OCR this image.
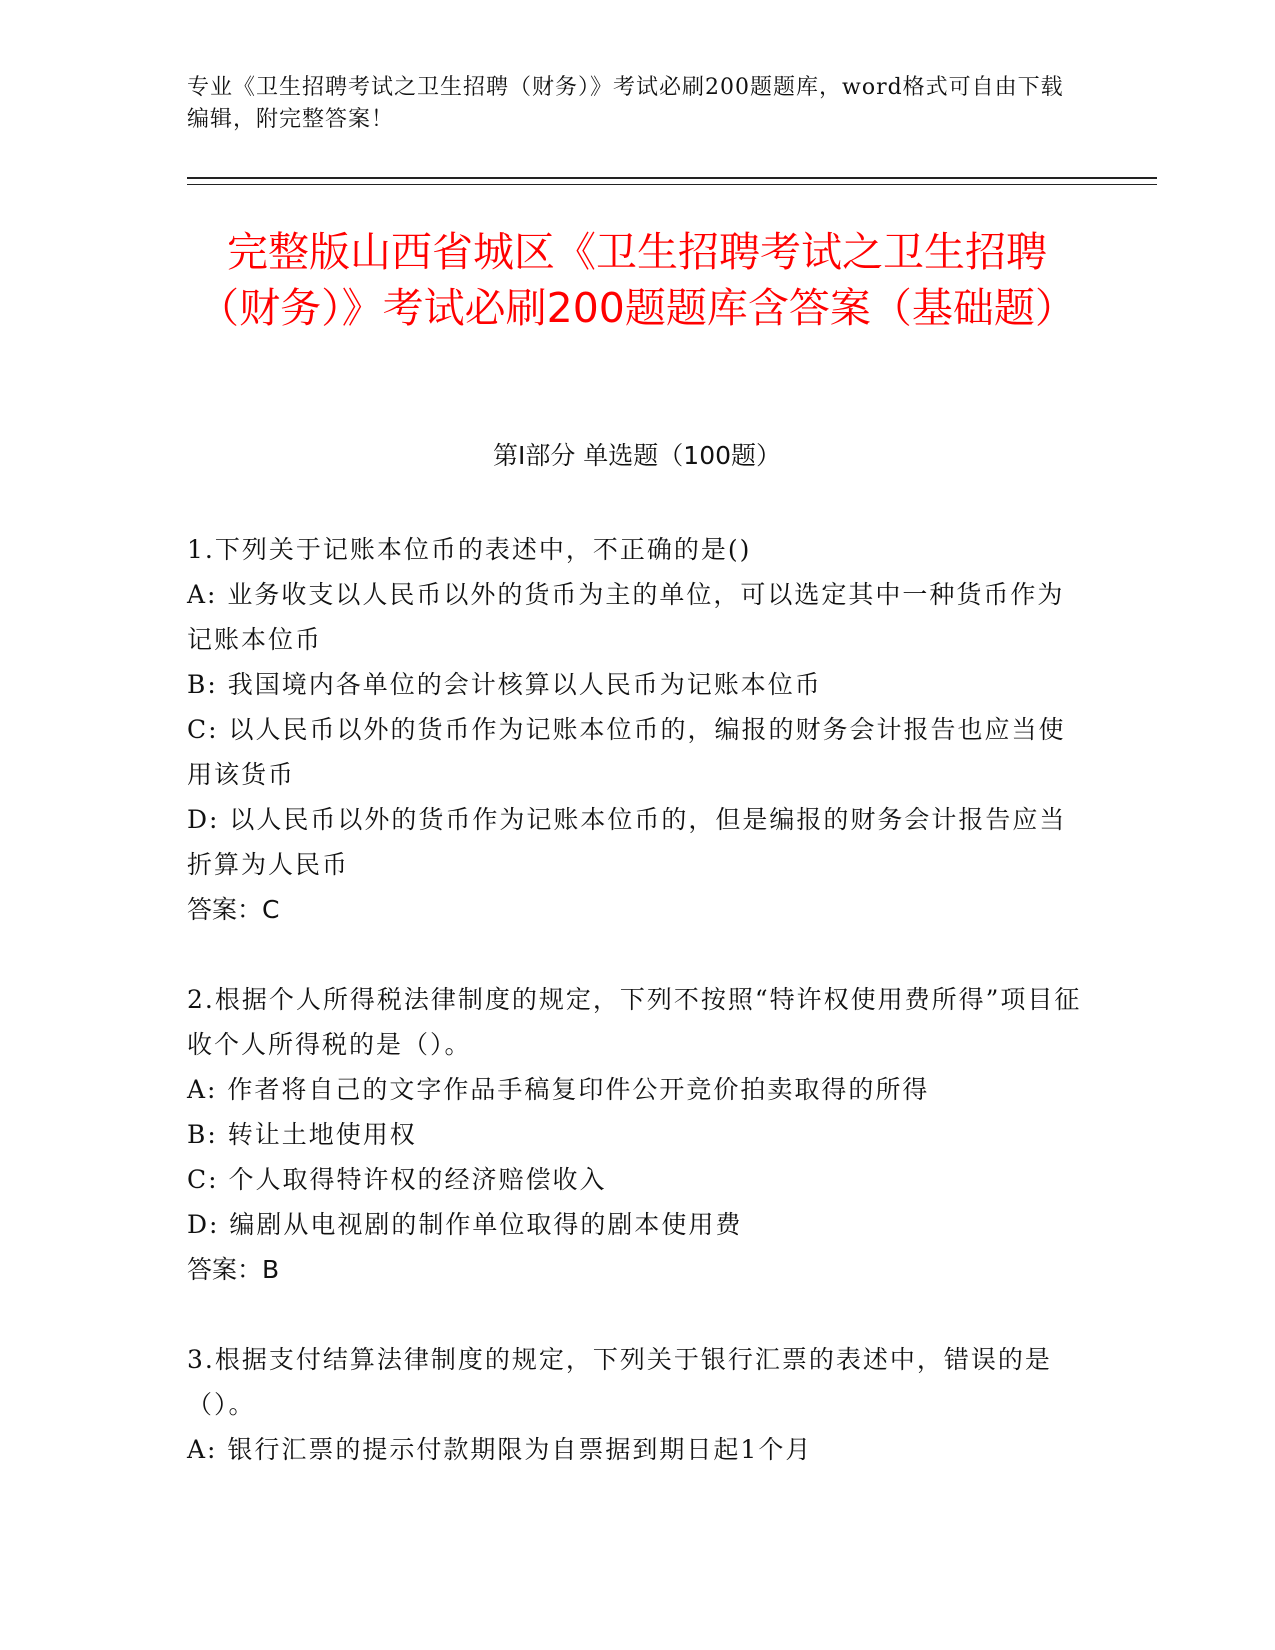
专业《卫生招聘考试之卫生招聘（财务）》考试必刷200题题库，word格式可自由下载编辑，附完整答案！
完整版山西省城区《卫生招聘考试之卫生招聘（财务）》考试必刷200题题库含答案（基础题）
第Ⅰ部分 单选题（100题）

1.下列关于记账本位币的表述中，不正确的是()

A: 业务收支以人民币以外的货币为主的单位，可以选定其中一种货币作为记账本位币

B: 我国境内各单位的会计核算以人民币为记账本位币

C: 以人民币以外的货币作为记账本位币的，编报的财务会计报告也应当使用该货币

D: 以人民币以外的货币作为记账本位币的，但是编报的财务会计报告应当折算为人民币

答案：C

2.根据个人所得税法律制度的规定，下列不按照“特许权使用费所得”项目征收个人所得税的是（）。

A: 作者将自己的文字作品手稿复印件公开竞价拍卖取得的所得

B: 转让土地使用权

C: 个人取得特许权的经济赔偿收入

D: 编剧从电视剧的制作单位取得的剧本使用费

答案：B

3.根据支付结算法律制度的规定，下列关于银行汇票的表述中，错误的是（）。

A: 银行汇票的提示付款期限为自票据到期日起1个月
